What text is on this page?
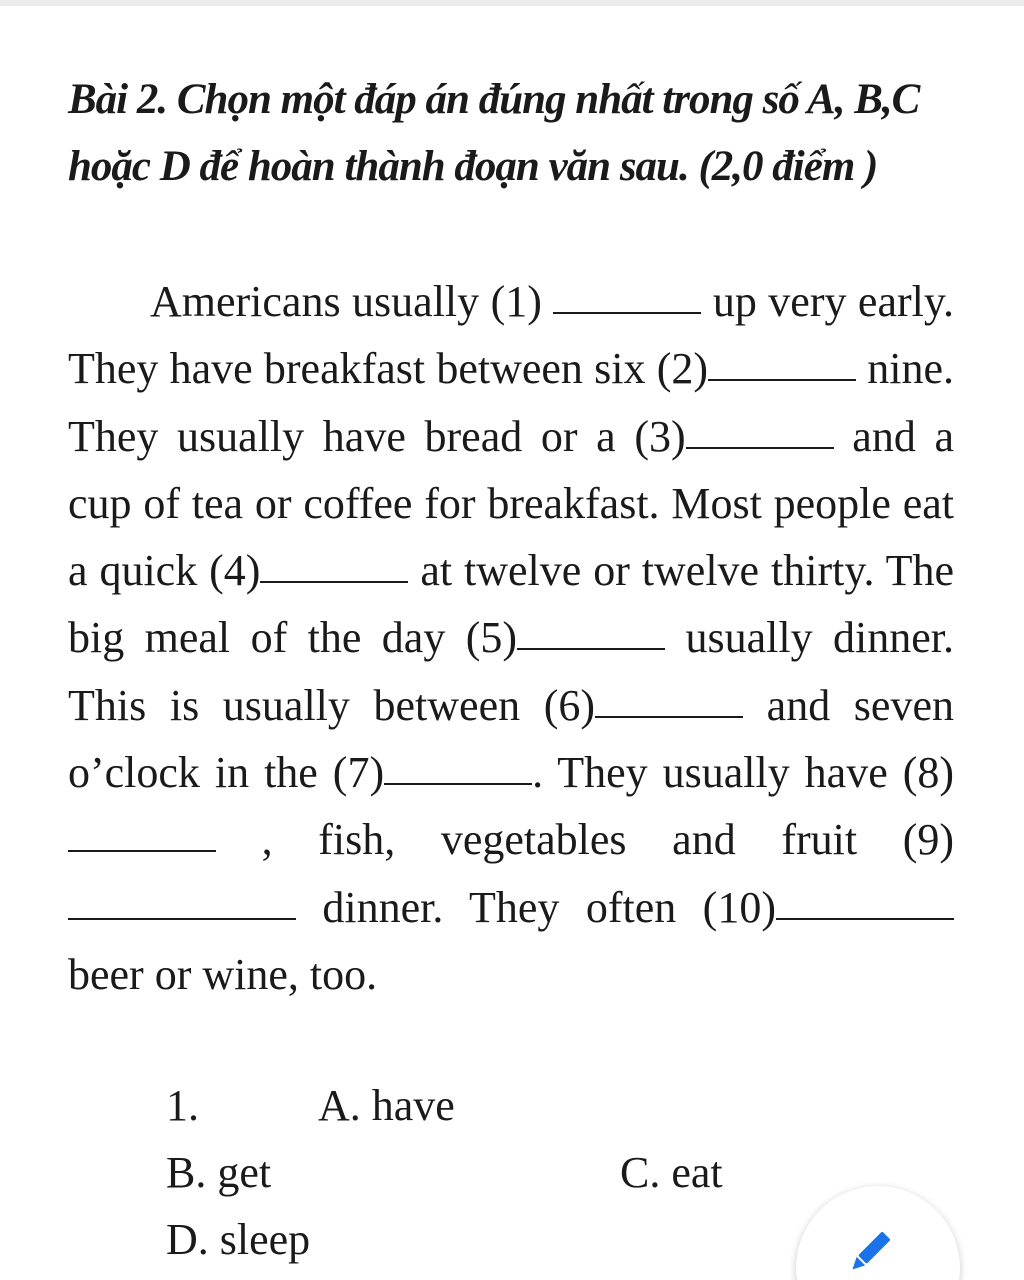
Bài 2. Chọn một đáp án đúng nhất trong số A, B,C hoặc D để hoàn thành đoạn văn sau. (2,0 điểm )

Americans usually (1)	up very early. They have breakfast between six (2)	nine. They usually have bread or a (3)	and a cup of tea or coffee for breakfast. Most people eat a quick (4)	at twelve or twelve thirty. The big meal of the day (5)	usually dinner. This is usually between (6)	and seven o’clock in the (7)	. They usually have (8) , fish, vegetables and fruit (9) dinner. They often (10) beer or wine, too.

1.	A. have
B. get	C. eat
D. sleep
